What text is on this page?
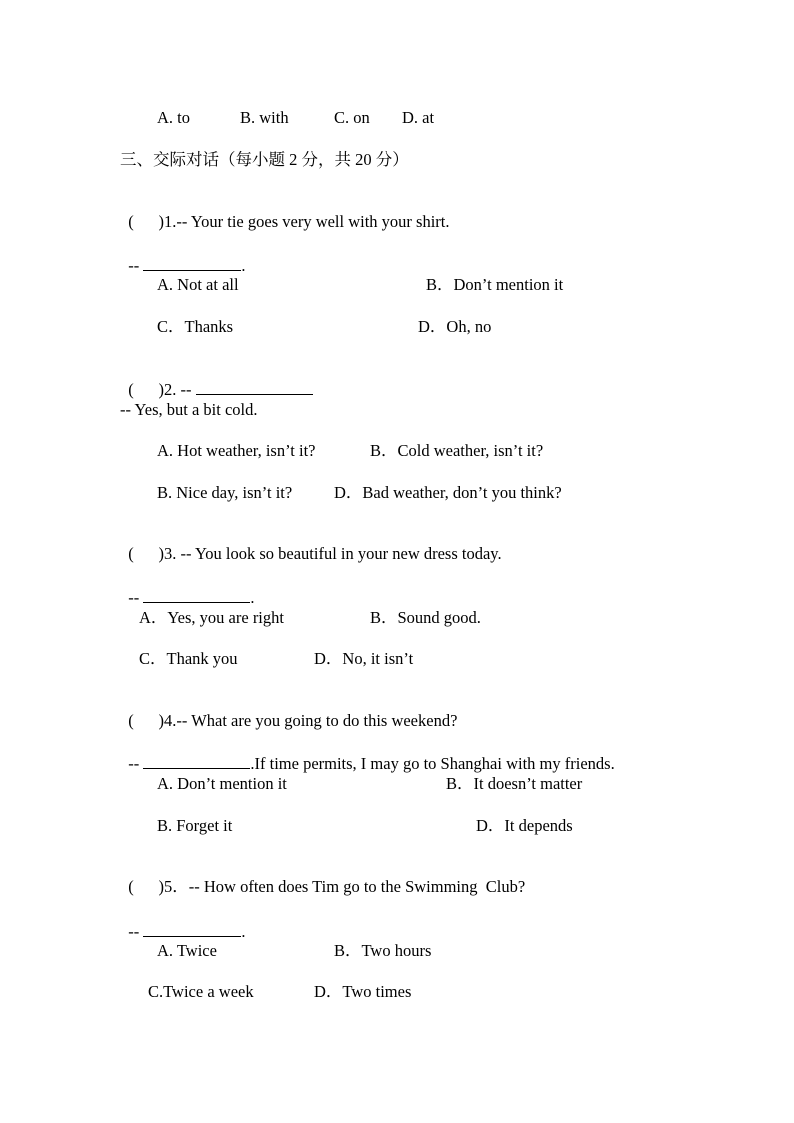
A. to	B. with	C. on D. at
三、交际对话（每小题 2 分，共 20 分）

(      )1.-- Your tie goes very well with your shirt.

--	.

A. Not at all	B．Don’t mention it
C．Thanks	D．Oh, no

(      )2. --

-- Yes, but a bit cold.
A. Hot weather, isn’t it?	B．Cold weather, isn’t it?
B. Nice day, isn’t it?	D．Bad weather, don’t you think?

(      )3. -- You look so beautiful in your new dress today.

--	.

A．Yes, you are right	B．Sound good.
C．Thank you	D．No, it isn’t

(      )4.-- What are you going to do this weekend?

--	.If time permits, I may go to Shanghai with my friends.

A. Don’t mention it	B．It doesn’t matter
B. Forget it	D．It depends

(      )5．-- How often does Tim go to the Swimming  Club?

--	.

A. Twice	B．Two hours
C.Twice a week	D．Two times
